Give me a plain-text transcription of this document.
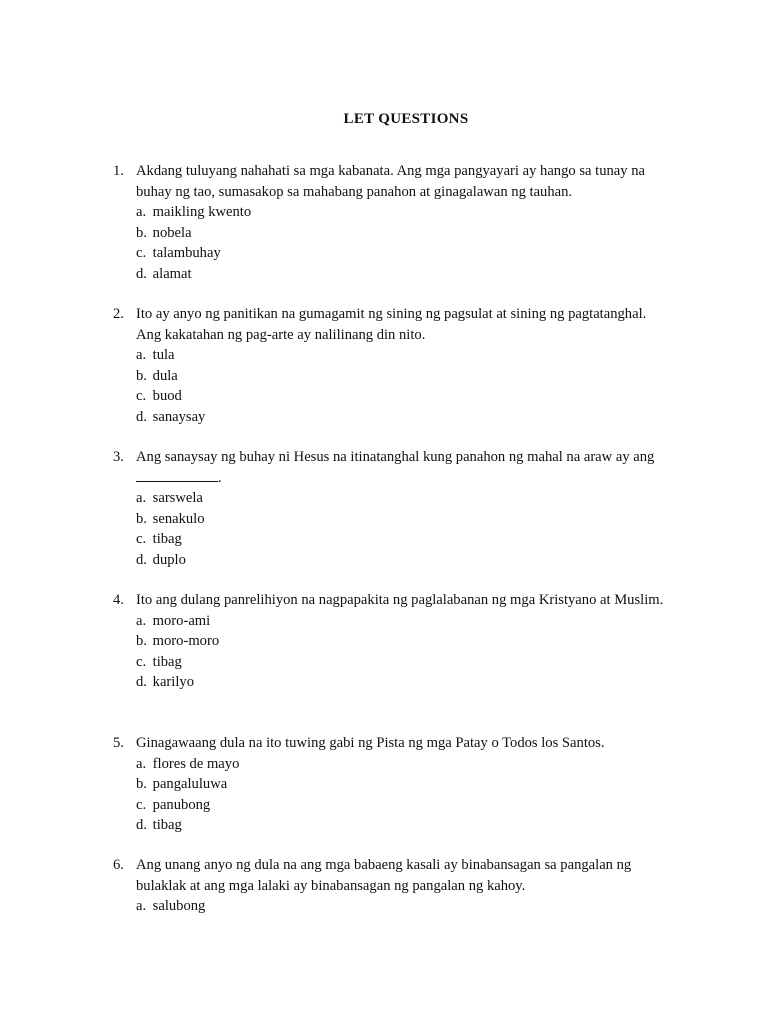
LET QUESTIONS
1. Akdang tuluyang nahahati sa mga kabanata. Ang mga pangyayari ay hango sa tunay na buhay ng tao, sumasakop sa mahabang panahon at ginagalawan ng tauhan.
a. maikling kwento
b. nobela
c. talambuhay
d. alamat
2. Ito ay anyo ng panitikan na gumagamit ng sining ng pagsulat at sining ng pagtatanghal. Ang kakatahan ng pag-arte ay nalilinang din nito.
a. tula
b. dula
c. buod
d. sanaysay
3. Ang sanaysay ng buhay ni Hesus na itinatanghal kung panahon ng mahal na araw ay ang .
a. sarswela
b. senakulo
c. tibag
d. duplo
4. Ito ang dulang panrelihiyon na nagpapakita ng paglalabanan ng mga Kristyano at Muslim.
a. moro-ami
b. moro-moro
c. tibag
d. karilyo
5. Ginagawaang dula na ito tuwing gabi ng Pista ng mga Patay o Todos los Santos.
a. flores de mayo
b. pangaluluwa
c. panubong
d. tibag
6. Ang unang anyo ng dula na ang mga babaeng kasali ay binabansagan sa pangalan ng bulaklak at ang mga lalaki ay binabansagan ng pangalan ng kahoy.
a. salubong
